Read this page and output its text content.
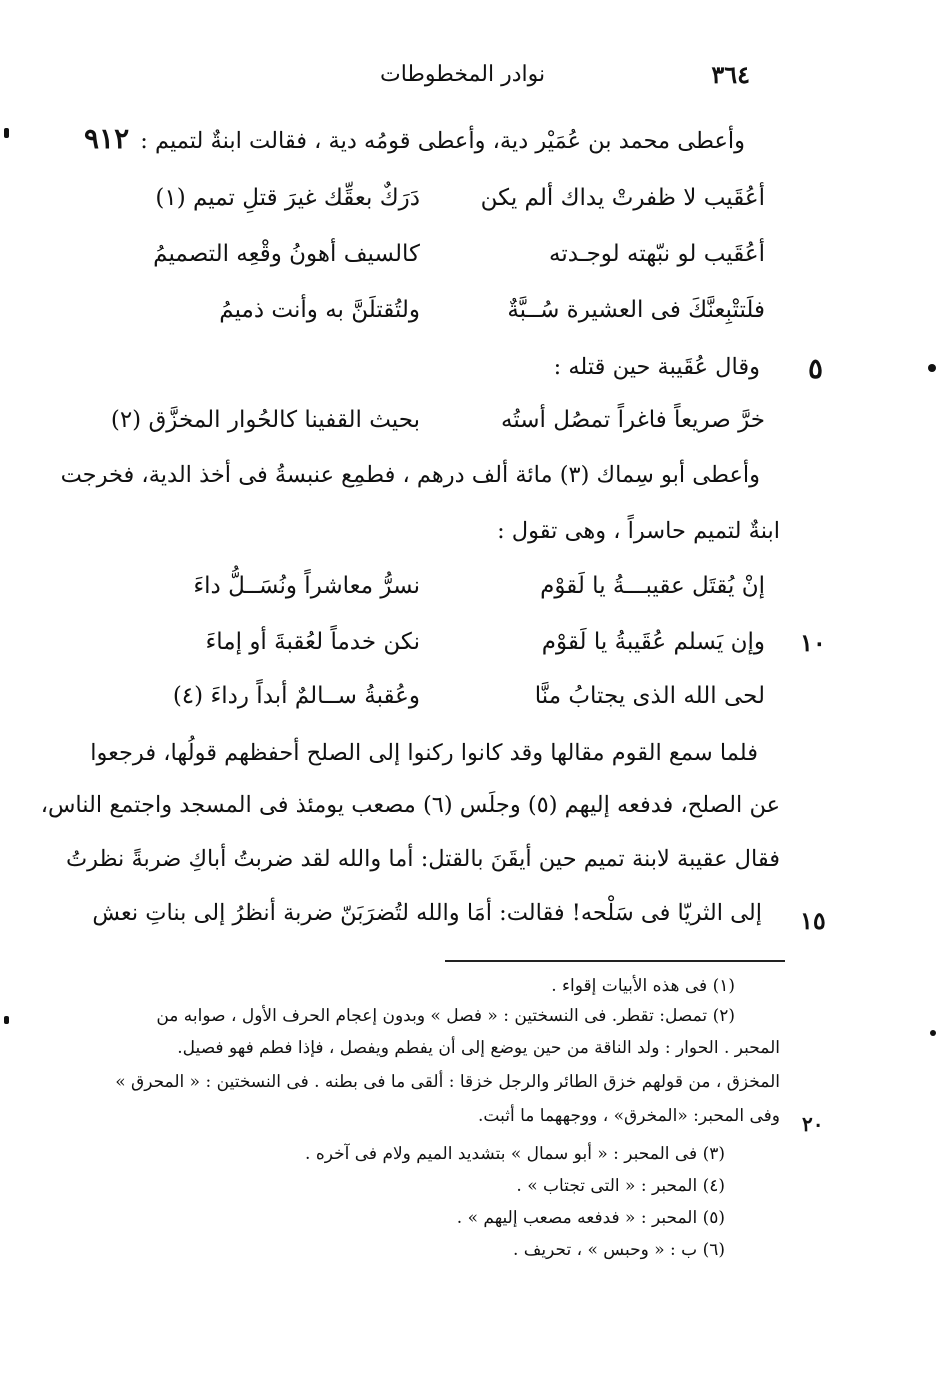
٣٦٤
نوادر المخطوطات
٩١٢ وأعطى محمد بن عُمَيْر دية، وأعطى قومُه دية ، فقالت ابنةٌ لتميم :
أعُقَيب لا ظفرتْ يداك ألم يكن
دَرَكٌ بعقِّك غيرَ قتلِ تميم (١)
أعُقَيب لو نبّهته لوجـدته
كالسيف أهونُ وقْعِه التصميمُ
فلَتتْبِعنَّكَ فى العشيرة سُــبَّةٌ
ولتُقتلَنَّ به وأنت ذميمُ
وقال عُقَيبة حين قتله : ٥
خرَّ صريعاً فاغراً تمصُل أستُه
بحيث القفينا كالحُوار المخزَّق (٢)
وأعطى أبو سِماك (٣) مائة ألف درهم ، فطمِع عنبسةُ فى أخذ الدية، فخرجت
ابنةٌ لتميم حاسراً ، وهى تقول :
إنْ يُقتَل عقيبـــةُ يا لَقوْم
نسرُّ معاشراً ونُسَــلُّ داءَ
وإن يَسلم عُقَيبةُ يا لَقوْم
نكن خدماً لعُقبةَ أو إماءَ	١٠
لحى الله الذى يجتابُ منَّا
وعُقبةُ ســالمٌ أبداً رداءَ (٤)
فلما سمع القوم مقالها وقد كانوا ركنوا إلى الصلح أحفظهم قولُها، فرجعوا
عن الصلح، فدفعه إليهم (٥) وجلَس (٦) مصعب يومئذ فى المسجد واجتمع الناس،
فقال عقيبة لابنة تميم حين أيقَنَ بالقتل: أما والله لقد ضربتُ أباكِ ضربةً نظرتُ
إلى الثريّا فى سَلْحه! فقالت: أمَا والله لتُضرَبَنّ ضربة أنظرُ إلى بناتِ نعش ١٥
(١) فى هذه الأبيات إقواء .
(٢) تمصل: تقطر. فى النسختين : « فصل » وبدون إعجام الحرف الأول ، صوابه من
المحبر . الحوار : ولد الناقة من حين يوضع إلى أن يفطم ويفصل ، فإذا فطم فهو فصيل.
المخزق ، من قولهم خزق الطائر والرجل خزقا : ألقى ما فى بطنه . فى النسختين : « المحرق »
وفى المحبر: «المخرق» ، ووجههما ما أثبت. ٢٠
(٣) فى المحبر : « أبو سمال » بتشديد الميم ولام فى آخره .
(٤) المحبر : « التى تجتاب » .
(٥) المحبر : « فدفعه مصعب إليهم » .
(٦) ب : « وحبس » ، تحريف .
